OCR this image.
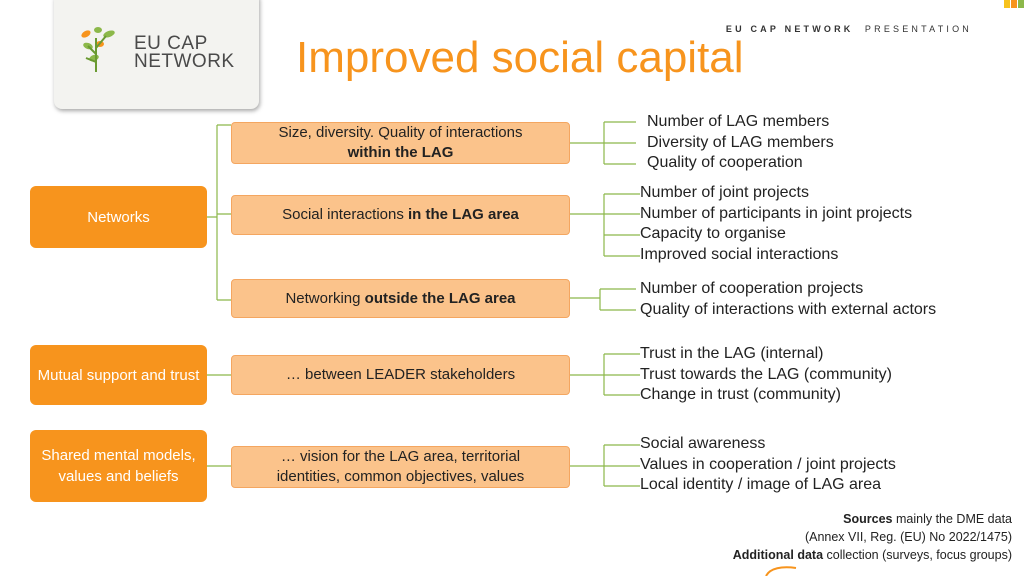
EU CAP
NETWORK
EU CAP NETWORK PRESENTATION
Improved social capital
Networks
Mutual support and trust
Shared mental models, values and beliefs
Size, diversity. Quality of interactions
within the LAG
Social interactions in the LAG area
Networking outside the LAG area
… between LEADER stakeholders
… vision for the LAG area, territorial identities, common objectives, values
Number of LAG members
Diversity of LAG members
Quality of cooperation
Number of joint projects
Number of participants in joint projects
Capacity to organise
Improved social interactions
Number of cooperation projects
Quality of interactions with external actors
Trust in the LAG (internal)
Trust towards the LAG (community)
Change in trust (community)
Social awareness
Values in cooperation / joint projects
Local identity / image of LAG area
Sources mainly the DME data
(Annex VII, Reg. (EU) No 2022/1475)
Additional data collection (surveys, focus groups)
